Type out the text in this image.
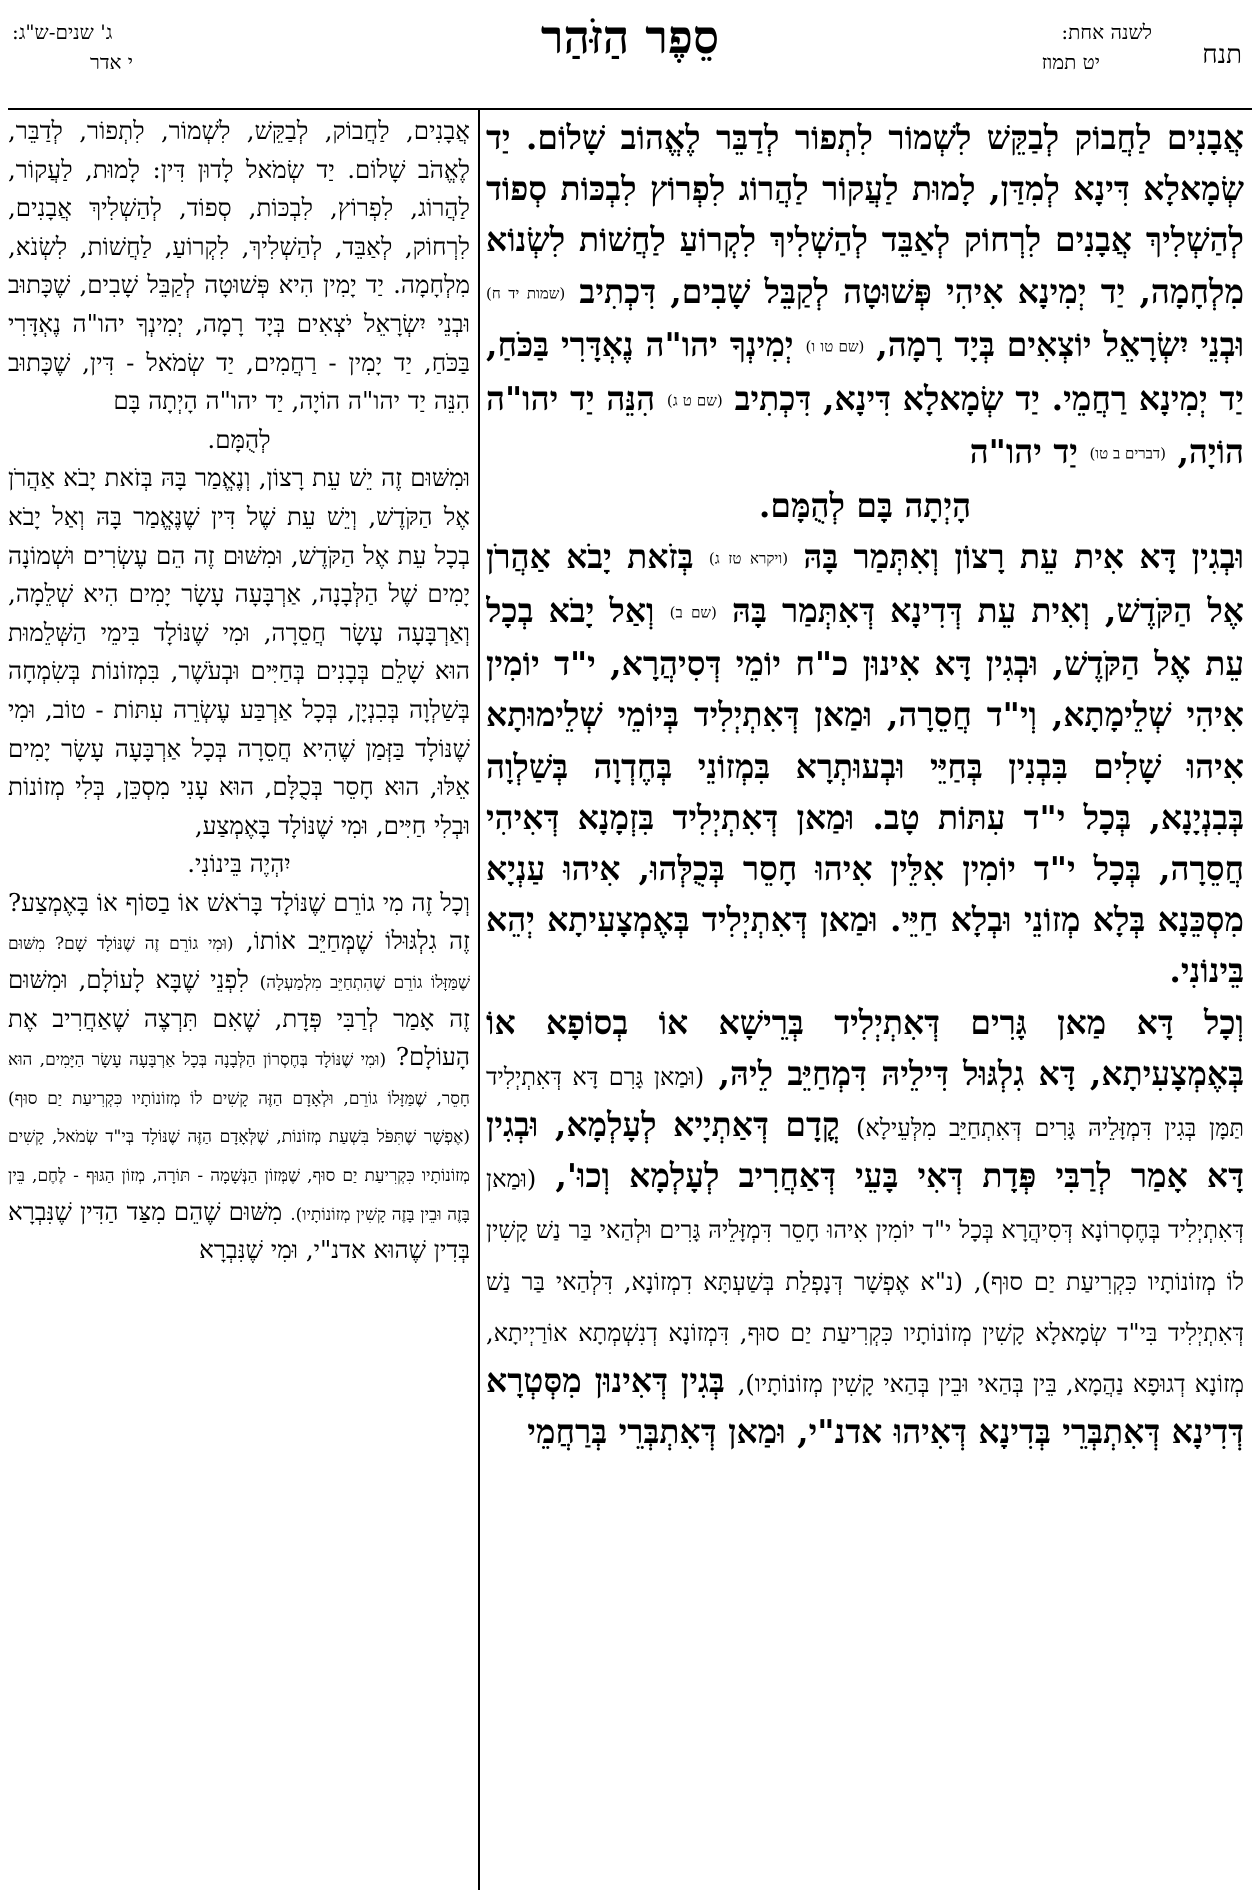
תנח
לשנה אחת:
יט תמוז
סֵפֶר הַזֹּהַר
ג' שנים-ש"ג:
י אדר

אֲבָנִים לַחֲבוֹק לְבַקֵּשׁ לִשְׁמוֹר לִתְפוֹר לְדַבֵּר לֶאֱהוֹב שָׁלוֹם. יַד שְׂמָאלָא דִּינָא לְמִדַּן, לָמוּת לַעֲקוֹר לַהֲרוֹג לִפְרוֹץ לִבְכּוֹת סְפוֹד לְהַשְׁלִיךְ אֲבָנִים לִרְחוֹק לְאַבֵּד לְהַשְׁלִיךְ לִקְרוֹעַ לַחֲשׁוֹת לִשְׂנוֹא מִלְחָמָה, יַד יְמִינָא אִיהִי פְּשׁוּטָה לְקַבֵּל שָׁבִים, דִּכְתִיב (שמות יד ח) וּבְנֵי יִשְׂרָאֵל יוֹצְאִים בְּיָד רָמָה, (שם טו ו) יְמִינְךָ יהו"ה נֶאְדָּרִי בַּכֹּחַ, יַד יְמִינָא רַחֲמֵי. יַד שְׂמָאלָא דִּינָא, דִּכְתִיב (שם ט ג) הִנֵּה יַד יהו"ה הוֹיָה, (דברים ב טו) יַד יהו"ה

הָיְתָה בָּם לְהֻמָּם.

וּבְגִין דָּא אִית עֵת רָצוֹן וְאִתְּמַר בָּהּ (ויקרא טז ג) בְּזֹאת יָבֹא אַהֲרֹן אֶל הַקֹּדֶשׁ, וְאִית עֵת דְּדִינָא דְּאִתְּמַר בָּהּ (שם ב) וְאַל יָבֹא בְכָל עֵת אֶל הַקֹּדֶשׁ, וּבְגִין דָּא אִינוּן כ"ח יוֹמֵי דְּסִיהֲרָא, י"ד יוֹמִין אִיהִי שְׁלֵימָתָא, וְי"ד חֲסֵרָה, וּמַאן דְּאִתְיְלִיד בְּיוֹמֵי שְׁלֵימוּתָא אִיהוּ שָׁלִים בִּבְנִין בְּחַיֵּי וּבְעוּתְרָא בִּמְזוֹנֵי בְּחֶדְוָה בְּשַׁלְוָה בְּבִנְיָנָא, בְּכָל י"ד עִתּוֹת טָב. וּמַאן דְּאִתְיְלִיד בִּזְמָנָא דְּאִיהִי חֲסֵרָה, בְּכָל י"ד יוֹמִין אִלֵּין אִיהוּ חָסֵר בְּכֻלְּהוּ, אִיהוּ עַנְיָא מִסְכֵּנָא בְּלָא מְזוֹנֵי וּבְלָא חַיֵּי. וּמַאן דְּאִתְיְלִיד בְּאֶמְצָעִיתָא יְהֵא בֵּינוֹנִי.

וְכָל דָּא מַאן גָּרִים דְּאִתְיְלִיד בְּרֵישָׁא אוֹ בְסוֹפָא אוֹ בְּאֶמְצָעִיתָא, דָּא גִלְגּוּל דִּילֵיהּ דִּמְחַיֵּב לֵיהּ, (וּמַאן גָּרִם דָּא דְּאִתְיְלִיד תַּמָּן בְּגִין דִּמְזָּלֵיהּ גָּרִים דְּאִתְחַיֵּב מִלְּעֵילָא) קֳדָם דְּאַתְיָיא לְעָלְמָא, וּבְגִין דָּא אָמַר לְרַבִּי פְּדָת דְּאִי בָּעֵי דְּאַחֲרִיב לְעָלְמָא וְכוּ', (וּמַאן דְּאִתְיְלִיד בְּחֶסְרוֹנָא דְּסִיהֲרָא בְּכָל י"ד יוֹמִין אִיהוּ חָסֵר דִּמְזָּלֵיהּ גָּרִים וּלְהַאי בַּר נַשׁ קָשִׁין לוֹ מְזוֹנוֹתָיו כִּקְרִיעַת יַם סוּף), (נ"א אֶפְשָׁר דְּנָפְלַת בְּשַׁעְתָּא דִמְזוֹנָא, דִּלְהַאי בַּר נַשׁ דְּאִתְיְלִיד בִּי"ד שְׂמָאלָא קָשִׁין מְזוֹנוֹתָיו כִּקְרִיעַת יַם סוּף, דִּמְזוֹנָא דְנִשְׁמְתָא אוֹרַיְיתָא, מְזוֹנָא דְגוּפָא נַהֲמָא, בֵּין בְּהַאי וּבֵין בְּהַאי קָשִׁין מְזוֹנוֹתָיו), בְּגִין דְּאִינוּן מִסְּטְרָא דְּדִינָא דְּאִתְבְּרֵי בְּדִינָא דְּאִיהוּ אדנ"י, וּמַאן דְּאִתְבְּרֵי בְּרַחֲמֵי

אֲבָנִים, לַחֲבוֹק, לְבַקֵּשׁ, לִשְׁמוֹר, לִתְפוֹר, לְדַבֵּר, לֶאֱהֹב שָׁלוֹם. יַד שְׂמֹאל לָדוּן דִּין: לָמוּת, לַעֲקוֹר, לַהֲרוֹג, לִפְרוֹץ, לִבְכּוֹת, סְפוֹד, לְהַשְׁלִיךְ אֲבָנִים, לִרְחוֹק, לְאַבֵּד, לְהַשְׁלִיךְ, לִקְרוֹעַ, לַחֲשׁוֹת, לִשְׂנֹא, מִלְחָמָה. יַד יָמִין הִיא פְּשׁוּטָה לְקַבֵּל שָׁבִים, שֶׁכָּתוּב וּבְנֵי יִשְׂרָאֵל יֹצְאִים בְּיָד רָמָה, יְמִינְךָ יהו"ה נֶאְדָּרִי בַּכֹּחַ, יַד יָמִין - רַחֲמִים, יַד שְׂמֹאל - דִּין, שֶׁכָּתוּב הִנֵּה יַד יהו"ה הוֹיָה, יַד יהו"ה הָיְתָה בָּם

לְהֻמָּם.

וּמִשּׁוּם זֶה יֵשׁ עֵת רָצוֹן, וְנֶאֱמַר בָּהּ בְּזֹאת יָבֹא אַהֲרֹן אֶל הַקֹּדֶשׁ, וְיֵשׁ עֵת שֶׁל דִּין שֶׁנֶּאֱמַר בָּהּ וְאַל יָבֹא בְכָל עֵת אֶל הַקֹּדֶשׁ, וּמִשּׁוּם זֶה הֵם עֶשְׂרִים וּשְׁמוֹנָה יָמִים שֶׁל הַלְּבָנָה, אַרְבָּעָה עָשָׂר יָמִים הִיא שְׁלֵמָה, וְאַרְבָּעָה עָשָׂר חֲסֵרָה, וּמִי שֶׁנּוֹלָד בִּימֵי הַשְּׁלֵמוּת הוּא שָׁלֵם בְּבָנִים בְּחַיִּים וּבְעֹשֶׁר, בִּמְזוֹנוֹת בְּשִׂמְחָה בְּשַׁלְוָה בְּבִנְיָן, בְּכָל אַרְבַּע עֶשְׂרֵה עִתּוֹת - טוֹב, וּמִי שֶׁנּוֹלָד בַּזְּמַן שֶׁהִיא חֲסֵרָה בְּכָל אַרְבָּעָה עָשָׂר יָמִים אֵלּוּ, הוּא חָסֵר בְּכֻלָּם, הוּא עָנִי מִסְכֵּן, בְּלִי מְזוֹנוֹת וּבְלִי חַיִּים, וּמִי שֶׁנּוֹלָד בָּאֶמְצַע,

יִהְיֶה בֵּינוֹנִי.

וְכָל זֶה מִי גוֹרֵם שֶׁנּוֹלָד בָּרֹאשׁ אוֹ בַסּוֹף אוֹ בָּאֶמְצַע? זֶה גִלְגּוּלוֹ שֶׁמְּחַיֵּב אוֹתוֹ, (וּמִי גוֹרֵם זֶה שֶׁנּוֹלָד שָׁם? מִשּׁוּם שֶׁמַּזָּלוֹ גוֹרֵם שֶׁהִתְחַיֵּב מִלְמַעְלָה) לִפְנֵי שֶׁבָּא לָעוֹלָם, וּמִשּׁוּם זֶה אָמַר לְרַבִּי פְּדָת, שֶׁאִם תִּרְצֶה שֶׁאַחֲרִיב אֶת הָעוֹלָם? (וּמִי שֶׁנּוֹלָד בְּחֶסְרוֹן הַלְּבָנָה בְּכָל אַרְבָּעָה עָשָׂר הַיָּמִים, הוּא חָסֵר, שֶׁמַּזָּלוֹ גוֹרֵם, וּלְאָדָם הַזֶּה קָשִׁים לוֹ מְזוֹנוֹתָיו כִּקְרִיעַת יַם סוּף) (אֶפְשָׁר שֶׁתִּפֹּל בִּשְׁעַת מְזוֹנוֹת, שֶׁלְּאָדָם הַזֶּה שֶׁנּוֹלָד בְּי"ד שְׂמֹאל, קָשִׁים מְזוֹנוֹתָיו כִּקְרִיעַת יַם סוּף, שֶׁמְּזוֹן הַנְּשָׁמָה - תּוֹרָה, מְזוֹן הַגּוּף - לֶחֶם, בֵּין בָּזֶה וּבֵין בָּזֶה קָשִׁין מְזוֹנוֹתָיו). מִשּׁוּם שֶׁהֵם מִצַּד הַדִּין שֶׁנִּבְרָא בְּדִין שֶׁהוּא אדנ"י, וּמִי שֶׁנִּבְרָא
